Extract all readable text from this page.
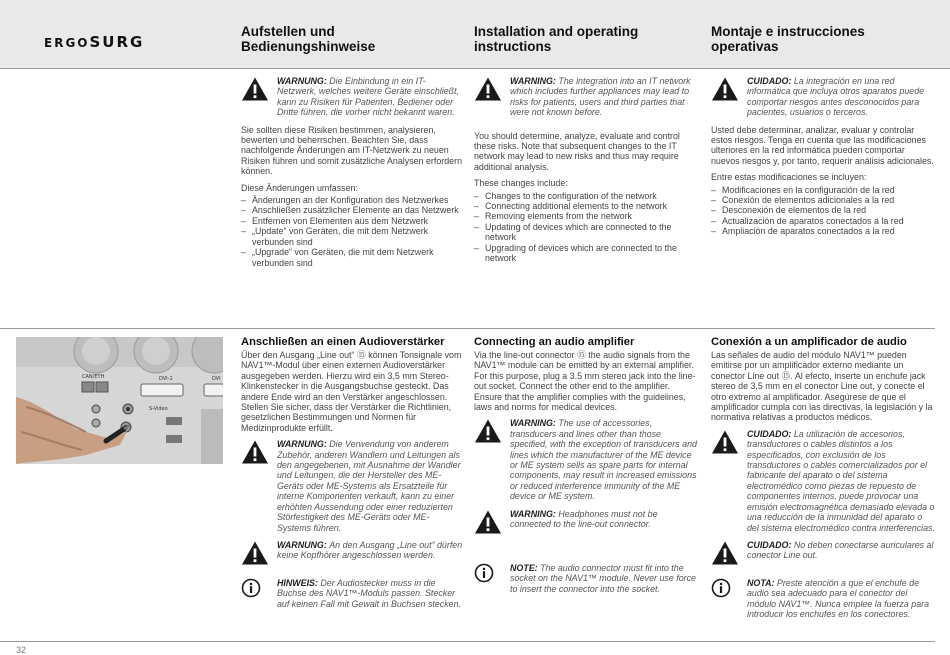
ERGOSURG
Aufstellen und Bedienungshinweise
Installation and operating instructions
Montaje e instrucciones operativas
WARNUNG: Die Einbindung in ein IT-Netzwerk, welches weitere Geräte einschließt, kann zu Risiken für Patienten, Bediener oder Dritte führen, die vorher nicht bekannt waren.

Sie sollten diese Risiken bestimmen, analysieren, bewerten und beherrschen. Beachten Sie, dass nachfolgende Änderungen am IT-Netzwerk zu neuen Risiken führen und somit zusätzliche Analysen erfordern können.

Diese Änderungen umfassen:

– Änderungen an der Konfiguration des Netzwerkes
– Anschließen zusätzlicher Elemente an das Netzwerk
– Entfernen von Elementen aus dem Netzwerk
– „Update“ von Geräten, die mit dem Netzwerk verbunden sind
– „Upgrade“ von Geräten, die mit dem Netzwerk verbunden sind
WARNING: The integration into an IT network which includes further appliances may lead to risks for patients, users and third parties that were not known before.

You should determine, analyze, evaluate and control these risks. Note that subsequent changes to the IT network may lead to new risks and thus may require additional analysis.

These changes include:

– Changes to the configuration of the network
– Connecting additional elements to the network
– Removing elements from the network
– Updating of devices which are connected to the network
– Upgrading of devices which are connected to the network
CUIDADO: La integración en una red informática que incluya otros aparatos puede comportar riesgos antes desconocidos para pacientes, usuarios o terceros.

Usted debe determinar, analizar, evaluar y controlar estos riesgos. Tenga en cuenta que las modificaciones ulteriores en la red informática pueden comportar nuevos riesgos y, por tanto, requerir análisis adicionales.

Entre estas modificaciones se incluyen:

– Modificaciones en la configuración de la red
– Conexión de elementos adicionales a la red
– Desconexión de elementos de la red
– Actualización de aparatos conectados a la red
– Ampliación de aparatos conectados a la red
CAN/ETH	DVI-1	DVI
S-Video
Anschließen an einen Audioverstärker

Über den Ausgang „Line out“ ⑮ können Tonsignale vom NAV1™-Modul über einen externen Audioverstärker ausgegeben werden. Hierzu wird ein 3,5 mm Stereo-Klinkenstecker in die Ausgangsbuchse gesteckt. Das andere Ende wird an den Verstärker angeschlossen. Stellen Sie sicher, dass der Verstärker die Richtlinien, gesetzlichen Bestimmungen und Normen für Medizinprodukte erfüllt.

WARNUNG: Die Verwendung von anderem Zubehör, anderen Wandlern und Leitungen als den angegebenen, mit Ausnahme der Wandler und Leitungen, die der Hersteller des ME-Geräts oder ME-Systems als Ersatzteile für interne Komponenten verkauft, kann zu einer erhöhten Aussendung oder einer reduzierten Störfestigkeit des ME-Geräts oder ME-Systems führen.
WARNUNG: An den Ausgang „Line out“ dürfen keine Kopfhörer angeschlossen werden.
HINWEIS: Der Audiostecker muss in die Buchse des NAV1™-Moduls passen. Stecker auf keinen Fall mit Gewalt in Buchsen stecken.
Connecting an audio amplifier

Via the line-out connector ⑮ the audio signals from the NAV1™ module can be emitted by an external amplifier. For this purpose, plug a 3.5 mm stereo jack into the line-out socket. Connect the other end to the amplifier. Ensure that the amplifier complies with the guidelines, laws and norms for medical devices.

WARNING: The use of accessories, transducers and lines other than those specified, with the exception of transducers and lines which the manufacturer of the ME device or ME system sells as spare parts for internal components, may result in increased emissions or reduced interference immunity of the ME device or ME system.
WARNING: Headphones must not be connected to the line-out connector.
NOTE: The audio connector must fit into the socket on the NAV1™ module. Never use force to insert the connector into the socket.
Conexión a un amplificador de audio

Las señales de audio del módulo NAV1™ pueden emitirse por un amplificador externo mediante un conector Line out ⑮. Al efecto, inserte un enchufe jack stereo de 3,5 mm en el conector Line out, y conecte el otro extremo al amplificador. Asegúrese de que el amplificador cumpla con las directivas, la legislación y la normativa relativas a productos médicos.

CUIDADO: La utilización de accesorios, transductores o cables distintos a los especificados, con exclusión de los transductores o cables comercializados por el fabricante del aparato o del sistema electromédico como piezas de repuesto de componentes internos, puede provocar una emisión electromagnética demasiado elevada o una reducción de la inmunidad del aparato o del sistema electromédico contra interferencias.
CUIDADO: No deben conectarse auriculares al conector Line out.
NOTA: Preste atención a que el enchufe de audio sea adecuado para el conector del módulo NAV1™. Nunca emplee la fuerza para introducir los enchufes en los conectores.
32
